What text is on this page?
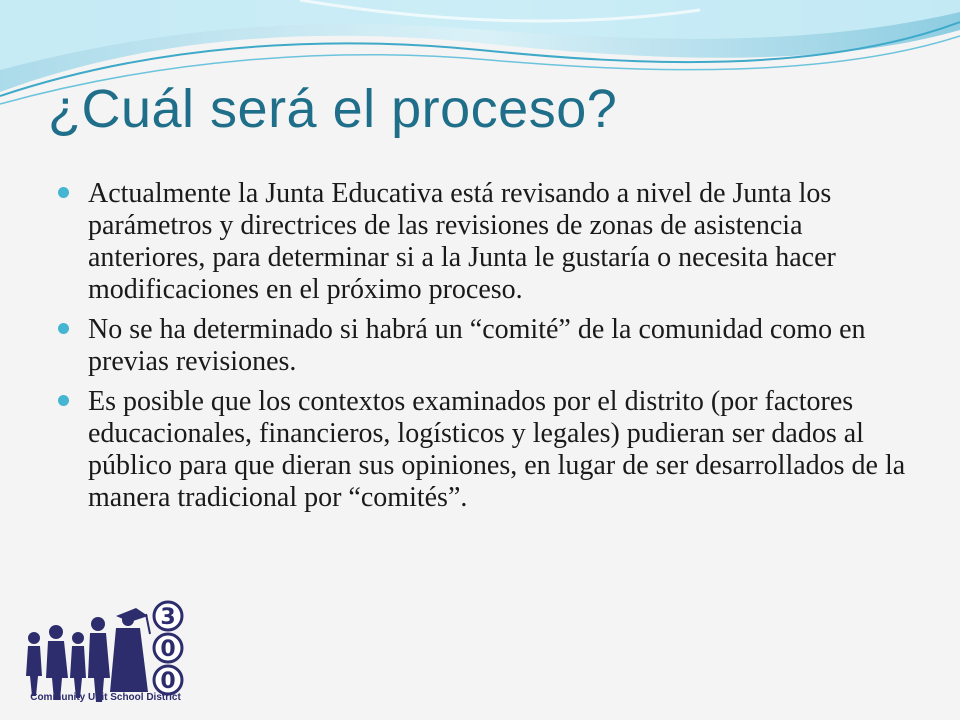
¿Cuál será el proceso?
Actualmente la Junta Educativa está revisando a nivel de Junta los parámetros y directrices de las revisiones de zonas de asistencia anteriores, para determinar si a la Junta le gustaría o necesita hacer modificaciones en el próximo proceso.
No se ha determinado si habrá un “comité” de la comunidad como en previas revisiones.
Es posible que los contextos examinados por el distrito (por factores educacionales, financieros, logísticos y legales) pudieran ser dados al público para que dieran sus opiniones, en lugar de ser desarrollados de la manera tradicional por “comités”.
3
0
0
Community Unit School District
